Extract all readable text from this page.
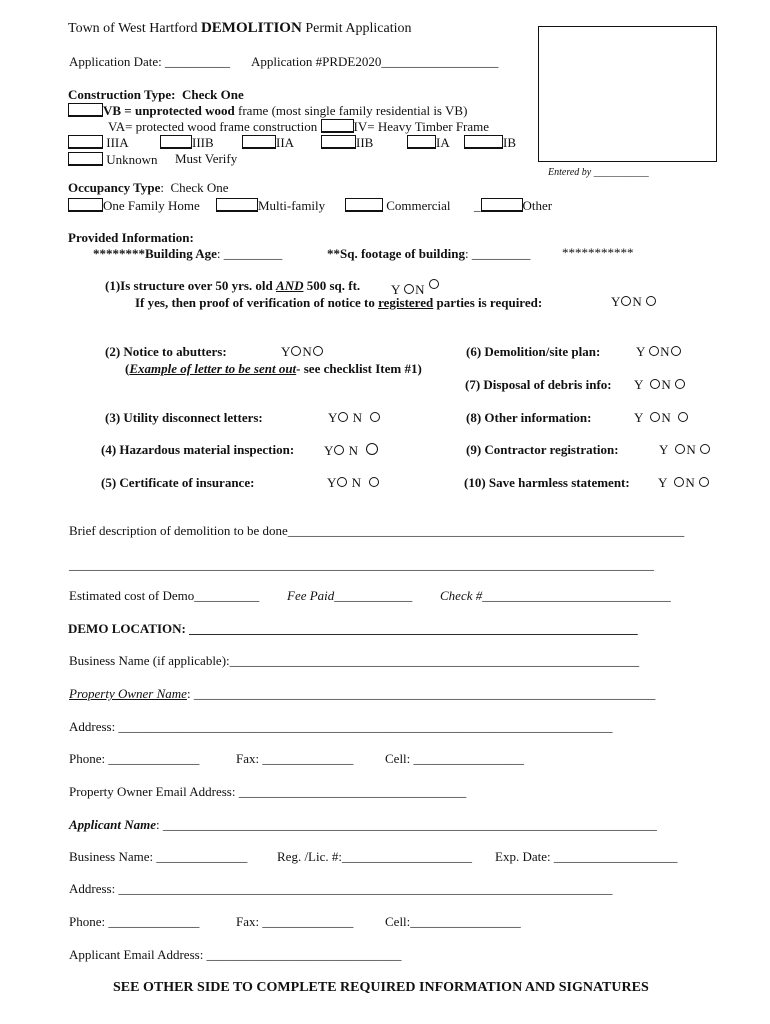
Town of West Hartford DEMOLITION Permit Application
Application Date: __________ Application #PRDE2020__________________
Entered by ___________
Construction Type:  Check One
VB = unprotected wood frame (most single family residential is VB)
VA= protected wood frame construction	IV= Heavy Timber Frame
IIIA	IIIB	IIA	IIB	IA	IB
Unknown Must Verify
Occupancy Type:  Check One
One Family Home	Multi-family	Commercial _	Other
Provided Information:
********Building Age: _________	**Sq. footage of building: _________ ***********
(1)Is structure over 50 yrs. old AND 500 sq. ft. Y N
If yes, then proof of verification of notice to registered parties is required:	Y N
(2) Notice to abutters:	Y N
(Example of letter to be sent out- see checklist Item #1)
(6) Demolition/site plan:	Y N
(7) Disposal of debris info: Y N
(3) Utility disconnect letters:	Y N	(8) Other information:	Y N
(4) Hazardous material inspection: Y N	(9) Contractor registration:	Y N
(5) Certificate of insurance:	Y N	(10) Save harmless statement: Y N
Brief description of demolition to be done_____________________________________________________________
__________________________________________________________________________________________
Estimated cost of Demo__________ Fee Paid____________ Check #_____________________________
DEMO LOCATION: _____________________________________________________________________
Business Name (if applicable):_______________________________________________________________
Property Owner Name: _______________________________________________________________________
Address: ____________________________________________________________________________
Phone: ______________	Fax: ______________ Cell: _________________
Property Owner Email Address: ___________________________________
Applicant Name: ____________________________________________________________________________
Business Name: ______________ Reg. /Lic. #:____________________ Exp. Date: ___________________
Address: ____________________________________________________________________________
Phone: ______________	Fax: ______________ Cell:_________________
Applicant Email Address: ______________________________
SEE OTHER SIDE TO COMPLETE REQUIRED INFORMATION AND SIGNATURES
